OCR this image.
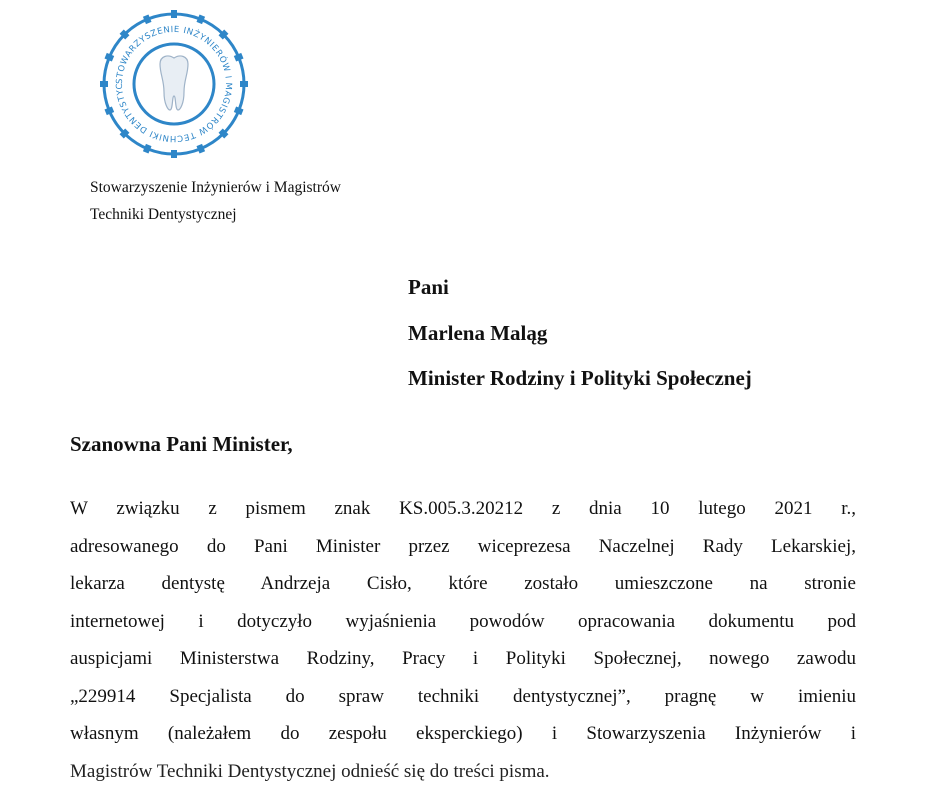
STOWARZYSZENIE INŻYNIERÓW I MAGISTRÓW TECHNIKI DENTYSTYC
Stowarzyszenie Inżynierów i Magistrów
Techniki Dentystycznej
Pani
Marlena Maląg
Minister Rodziny i Polityki Społecznej
Szanowna Pani Minister,
W związku z pismem znak KS.005.3.20212 z dnia 10 lutego 2021 r.,
adresowanego do Pani Minister przez wiceprezesa Naczelnej Rady Lekarskiej,
lekarza dentystę Andrzeja Cisło, które zostało umieszczone na stronie
internetowej i dotyczyło wyjaśnienia powodów opracowania dokumentu pod
auspicjami Ministerstwa Rodziny, Pracy i Polityki Społecznej, nowego zawodu
„229914 Specjalista do spraw techniki dentystycznej”, pragnę w imieniu
własnym (należałem do zespołu eksperckiego) i Stowarzyszenia Inżynierów i
Magistrów Techniki Dentystycznej odnieść się do treści pisma.
